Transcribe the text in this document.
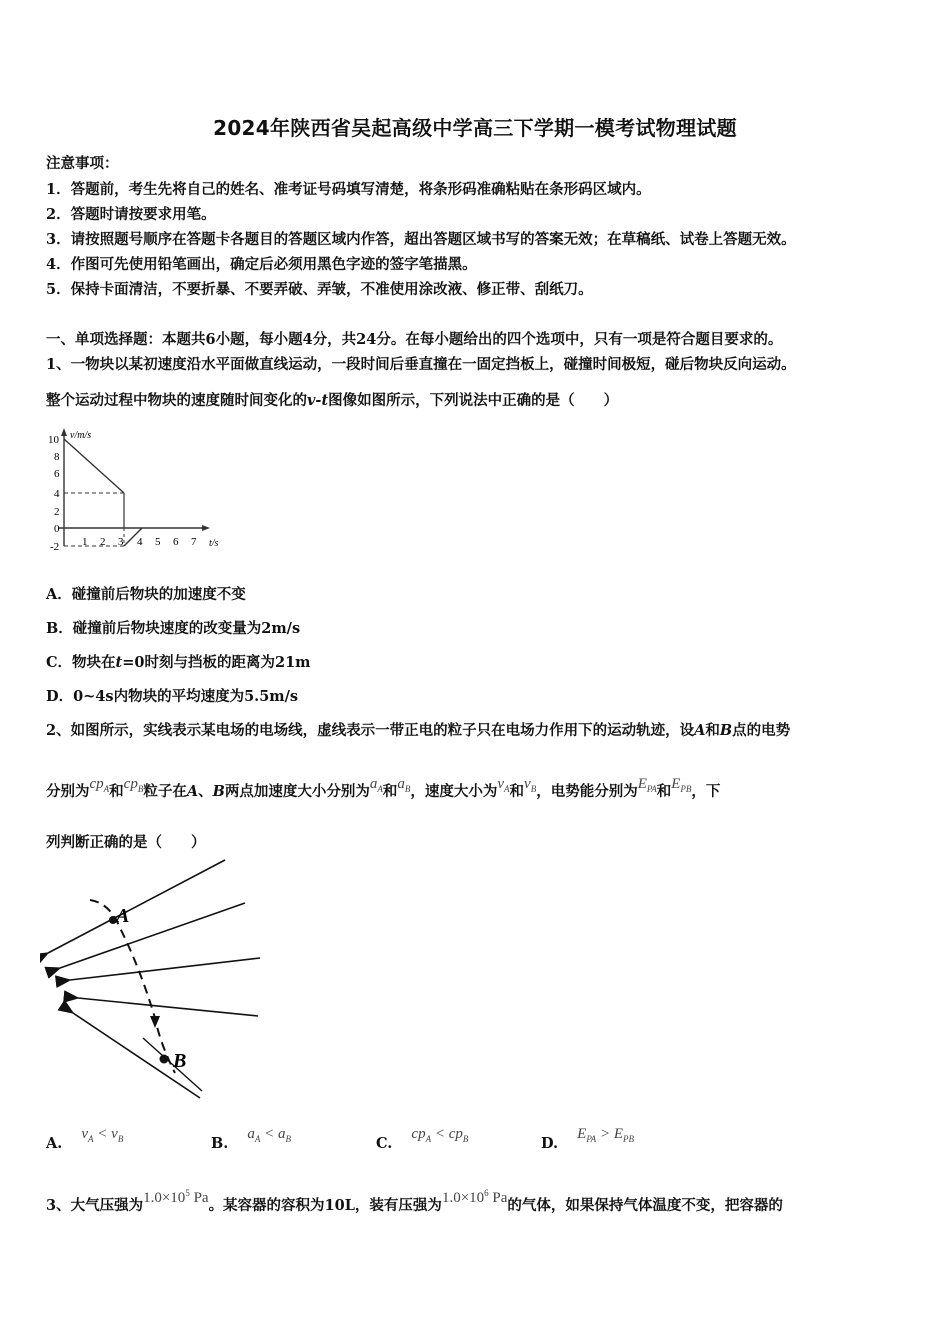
2024年陕西省吴起高级中学高三下学期一模考试物理试题
注意事项：
1．答题前，考生先将自己的姓名、准考证号码填写清楚，将条形码准确粘贴在条形码区域内。
2．答题时请按要求用笔。
3．请按照题号顺序在答题卡各题目的答题区域内作答，超出答题区域书写的答案无效；在草稿纸、试卷上答题无效。
4．作图可先使用铅笔画出，确定后必须用黑色字迹的签字笔描黑。
5．保持卡面清洁，不要折暴、不要弄破、弄皱，不准使用涂改液、修正带、刮纸刀。
一、单项选择题：本题共6小题，每小题4分，共24分。在每小题给出的四个选项中，只有一项是符合题目要求的。
1、一物块以某初速度沿水平面做直线运动，一段时间后垂直撞在一固定挡板上，碰撞时间极短，碰后物块反向运动。
整个运动过程中物块的速度随时间变化的v-t图像如图所示，下列说法中正确的是（　　）
v/m/s
t/s
10
8
6
4
2
0
-2 1 2 3 4 5 6 7
A．碰撞前后物块的加速度不变
B．碰撞前后物块速度的改变量为2m/s
C．物块在t=0时刻与挡板的距离为21m
D．0~4s内物块的平均速度为5.5m/s
2、如图所示，实线表示某电场的电场线，虚线表示一带正电的粒子只在电场力作用下的运动轨迹，设A和B点的电势
分别为$cp_A$和$cp_B$粒子在A、B两点加速度大小分别为$a_A$和$a_B$，速度大小为$v_A$和$v_B$，电势能分别为$E_{PA}$和$E_{PB}$，下
列判断正确的是（　　）
A
B
A. $v_A < v_B$	B. $a_A < a_B$	C. $cp_A < cp_B$	D. $E_{PA} > E_{PB}$
3、大气压强为$1.0\times 10^5$ Pa。某容器的容积为10L，装有压强为$1.0\times 10^6$ Pa的气体，如果保持气体温度不变，把容器的
